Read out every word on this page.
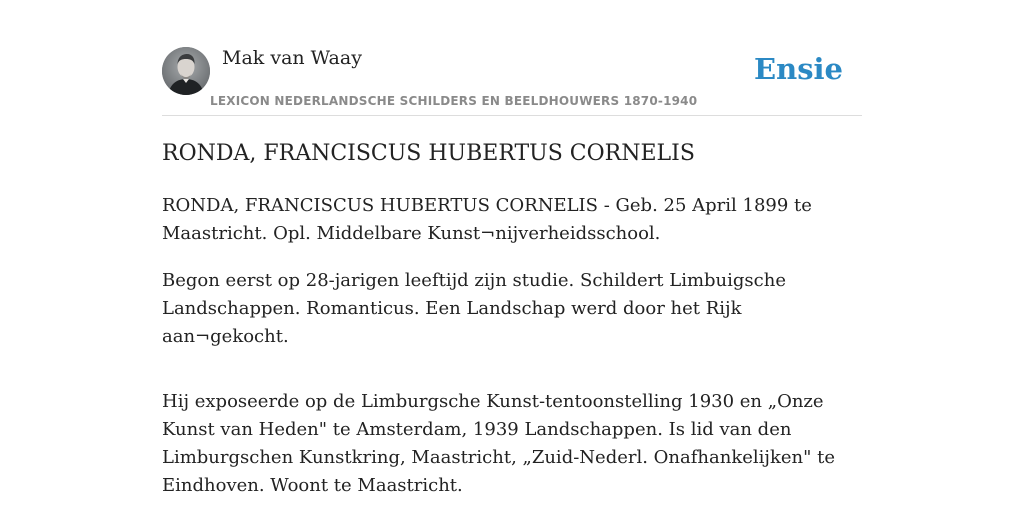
Mak van Waay
LEXICON NEDERLANDSCHE SCHILDERS EN BEELDHOUWERS 1870-1940
Ensie
RONDA, FRANCISCUS HUBERTUS CORNELIS

RONDA, FRANCISCUS HUBERTUS CORNELIS - Geb. 25 April 1899 te Maastricht. Opl. Middelbare Kunst¬nijverheidsschool.

Begon eerst op 28-jarigen leeftijd zijn studie. Schildert Limbuigsche Landschappen. Romanticus. Een Landschap werd door het Rijk aan¬gekocht.

Hij exposeerde op de Limburgsche Kunst-tentoonstelling 1930 en „Onze Kunst van Heden" te Amsterdam, 1939 Landschappen. Is lid van den Limburgschen Kunstkring, Maastricht, „Zuid-Nederl. Onafhankelijken" te Eindhoven. Woont te Maastricht.
